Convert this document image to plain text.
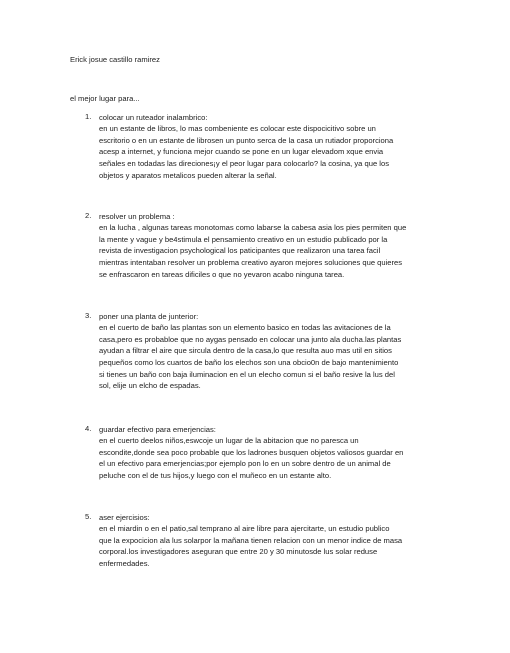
Erick josue castillo ramirez
el mejor lugar para...
1.	colocar un ruteador inalambrico:
en un estante de libros, lo mas combeniente es colocar este dispocicitivo sobre un
escritorio o en un estante de librosen un punto serca de la casa un rutiador proporciona
acesp a internet, y funciona mejor cuando se pone en un lugar elevadom xque envia
señales en todadas las direciones¡y el peor lugar para colocarlo? la cosina, ya que los
objetos y aparatos metalicos pueden alterar la señal.
2.	resolver un problema :
en la lucha , algunas tareas monotomas como labarse la cabesa asia los pies permiten que
la mente y vague y be4stimula el pensamiento creativo en un estudio publicado por la
revista de investigacion psychological los paticipantes que realizaron una tarea facil
mientras intentaban resolver un problema creativo ayaron mejores soluciones que quieres
se enfrascaron en tareas dificiles o que no yevaron acabo ninguna tarea.
3.	poner una planta de junterior:
en el cuerto de baño las plantas son un elemento basico en todas las avitaciones de la
casa,pero es probabloe que no aygas pensado en colocar una junto ala ducha.las plantas
ayudan a filtrar el aire que sircula dentro de la casa,lo que resulta auo mas util en sitios
pequeños como los cuartos de baño los elechos son una obcio0n de bajo mantenimiento
si tienes un baño con baja iluminacion en el un elecho comun si el baño resive la lus del
sol, elije un elcho de espadas.
4.	guardar efectivo para emerjencias:
en el cuerto deelos niños,eswcoje un lugar de la abitacion que no paresca un
escondite,donde sea poco probable que los ladrones busquen objetos valiosos guardar en
el un efectivo para emerjencias;por ejemplo pon lo en un sobre dentro de un animal de
peluche con el de tus hijos,y luego con el muñeco en un estante alto.
5.	aser ejercisios:
en el miardin o en el patio,sal temprano al aire libre para ajercitarte, un estudio publico
que la expocicion ala lus solarpor la mañana tienen relacion con un menor indice de masa
corporal.los investigadores aseguran que entre 20 y 30 minutosde lus solar reduse
enfermedades.
